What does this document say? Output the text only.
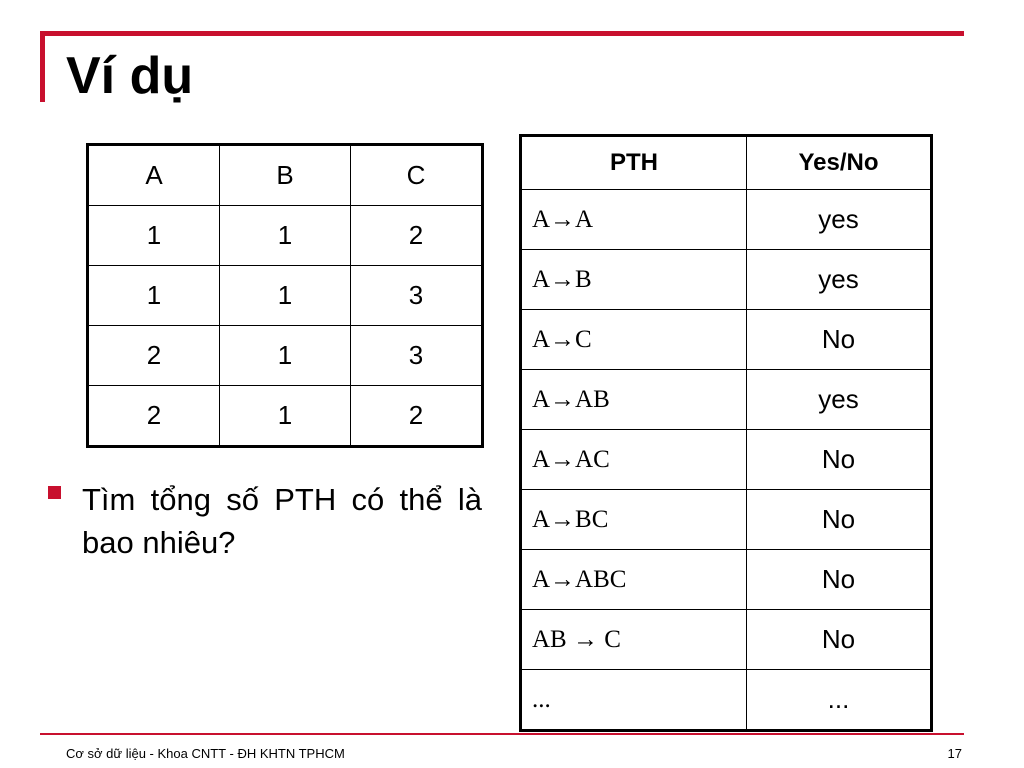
Ví dụ
A	B	C
1	1	2
1	1	3
2	1	3
2	1	2
PTH	Yes/No
A→A	yes
A→B	yes
A→C	No
A→AB	yes
A→AC	No
A→BC	No
A→ABC	No
AB → C	No
...	...
Tìm tổng số PTH có thể là bao nhiêu?
Cơ sở dữ liệu - Khoa CNTT - ĐH KHTN TPHCM	17
